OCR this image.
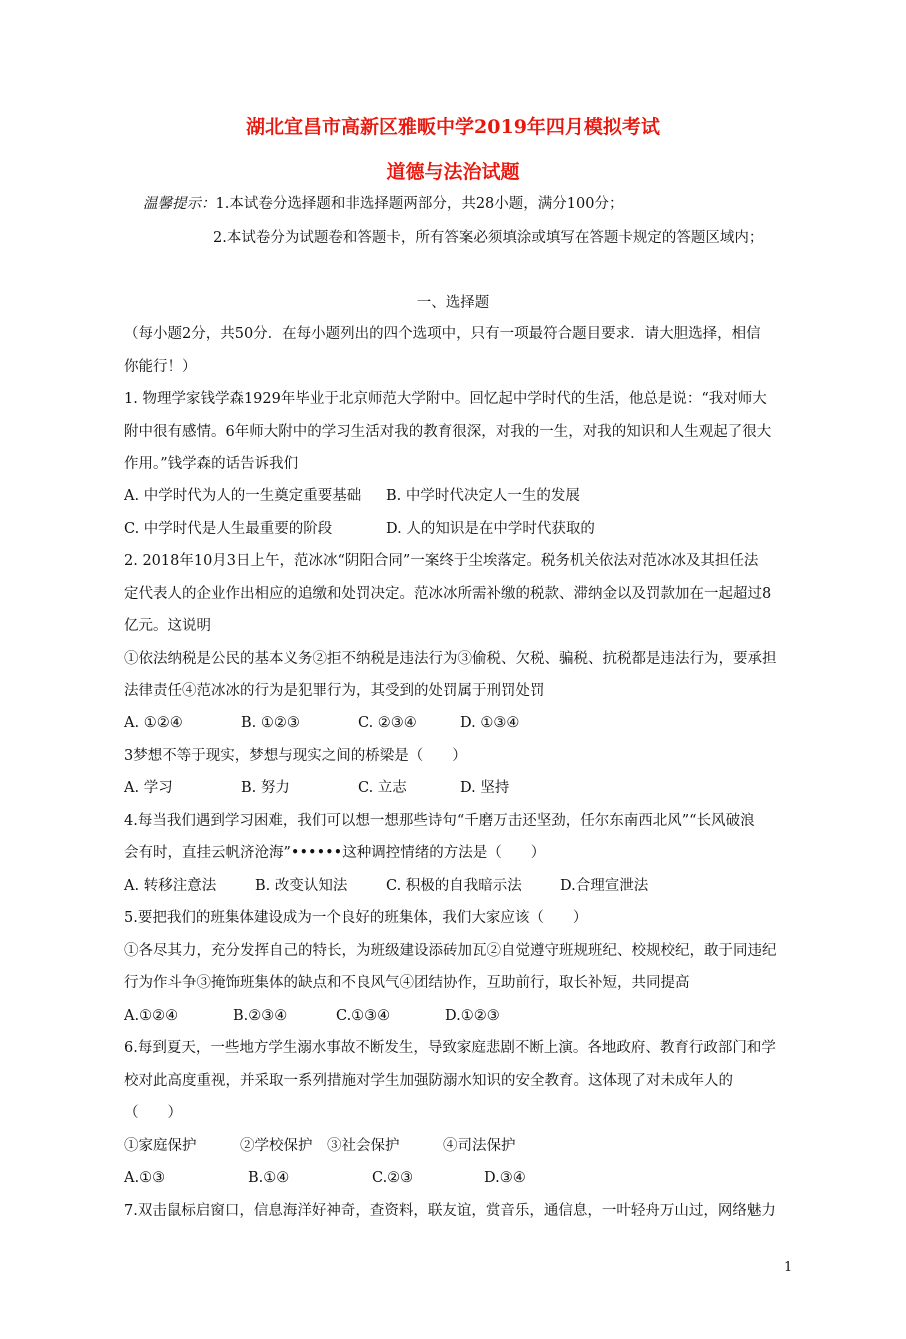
湖北宜昌市高新区雅畈中学2019年四月模拟考试
道德与法治试题
温馨提示：1.本试卷分选择题和非选择题两部分，共28小题，满分100分；
2.本试卷分为试题卷和答题卡，所有答案必须填涂或填写在答题卡规定的答题区域内；
一、选择题
（每小题2分，共50分．在每小题列出的四个选项中，只有一项最符合题目要求．请大胆选择，相信
你能行！）
1. 物理学家钱学森1929年毕业于北京师范大学附中。回忆起中学时代的生活，他总是说：“我对师大
附中很有感情。6年师大附中的学习生活对我的教育很深，对我的一生，对我的知识和人生观起了很大
作用。”钱学森的话告诉我们
A. 中学时代为人的一生奠定重要基础 B. 中学时代决定人一生的发展
C. 中学时代是人生最重要的阶段	D. 人的知识是在中学时代获取的
2. 2018年10月3日上午，范冰冰“阴阳合同”一案终于尘埃落定。税务机关依法对范冰冰及其担任法
定代表人的企业作出相应的追缴和处罚决定。范冰冰所需补缴的税款、滞纳金以及罚款加在一起超过8
亿元。这说明
①依法纳税是公民的基本义务②拒不纳税是违法行为③偷税、欠税、骗税、抗税都是违法行为，要承担
法律责任④范冰冰的行为是犯罪行为，其受到的处罚属于刑罚处罚
A. ①②④	B. ①②③	C. ②③④	D. ①③④
3梦想不等于现实，梦想与现实之间的桥梁是（　　）
A. 学习	B. 努力	C. 立志	D. 坚持
4.每当我们遇到学习困难，我们可以想一想那些诗句“千磨万击还坚劲，任尔东南西北风”“长风破浪
会有时，直挂云帆济沧海”••••••这种调控情绪的方法是（　　）
A. 转移注意法	B. 改变认知法	C. 积极的自我暗示法	D.合理宣泄法
5.要把我们的班集体建设成为一个良好的班集体，我们大家应该（　　）
①各尽其力，充分发挥自己的特长，为班级建设添砖加瓦②自觉遵守班规班纪、校规校纪，敢于同违纪
行为作斗争③掩饰班集体的缺点和不良风气④团结协作，互助前行，取长补短，共同提高
A.①②④	B.②③④	C.①③④	D.①②③
6.每到夏天，一些地方学生溺水事故不断发生，导致家庭悲剧不断上演。各地政府、教育行政部门和学
校对此高度重视，并采取一系列措施对学生加强防溺水知识的安全教育。这体现了对未成年人的
（　　）
①家庭保护　　　②学校保护　③社会保护　　　④司法保护
A.①③	B.①④	C.②③	D.③④
7.双击鼠标启窗口，信息海洋好神奇，查资料，联友谊，赏音乐，通信息，一叶轻舟万山过，网络魅力
1
